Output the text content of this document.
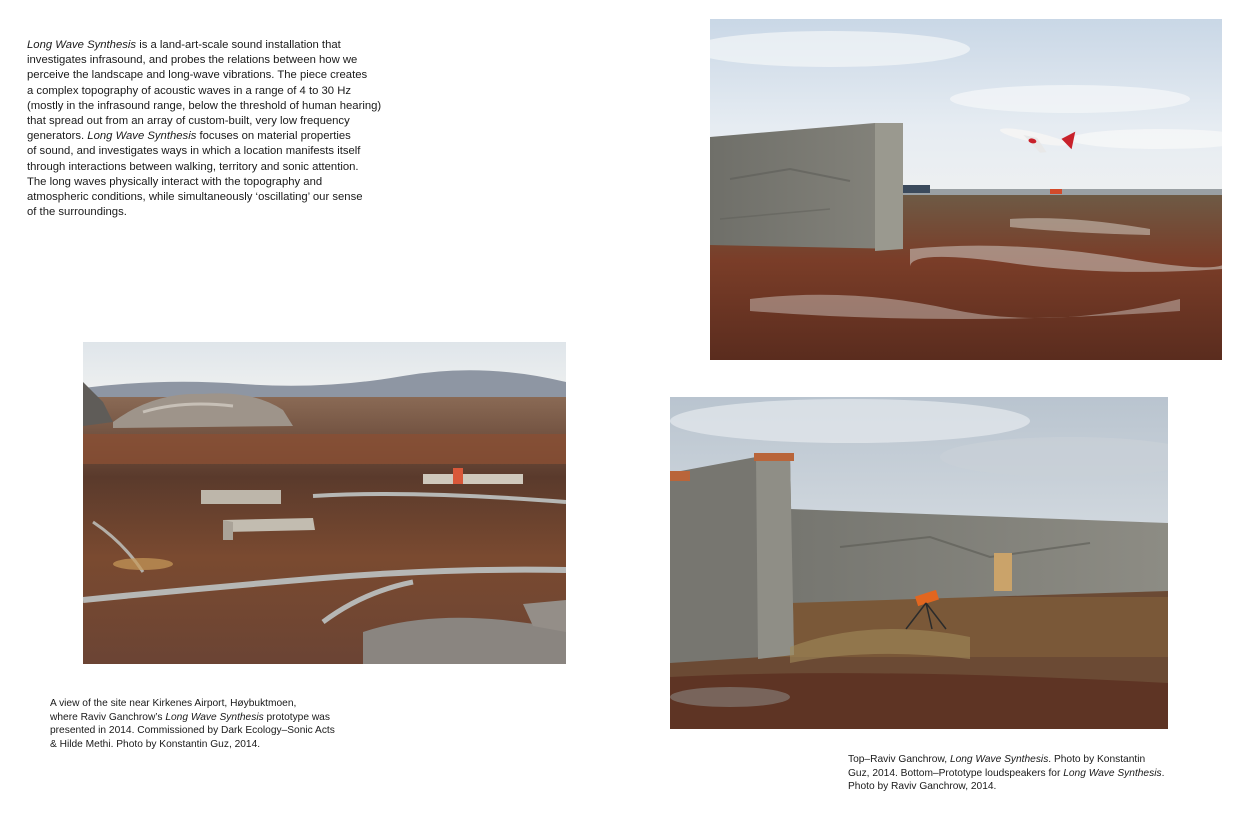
Long Wave Synthesis is a land-art-scale sound installation that
investigates infrasound, and probes the relations between how we
perceive the landscape and long-wave vibrations. The piece creates
a complex topography of acoustic waves in a range of 4 to 30 Hz
(mostly in the infrasound range, below the threshold of human hearing)
that spread out from an array of custom-built, very low frequency
generators. Long Wave Synthesis focuses on material properties
of sound, and investigates ways in which a location manifests itself
through interactions between walking, territory and sonic attention.
The long waves physically interact with the topography and
atmospheric conditions, while simultaneously ‘oscillating’ our sense
of the surroundings.

A view of the site near Kirkenes Airport, Høybuktmoen,
where Raviv Ganchrow’s Long Wave Synthesis prototype was
presented in 2014. Commissioned by Dark Ecology–Sonic Acts
& Hilde Methi. Photo by Konstantin Guz, 2014.

Top–Raviv Ganchrow, Long Wave Synthesis. Photo by Konstantin
Guz, 2014. Bottom–Prototype loudspeakers for Long Wave Synthesis.
Photo by Raviv Ganchrow, 2014.
